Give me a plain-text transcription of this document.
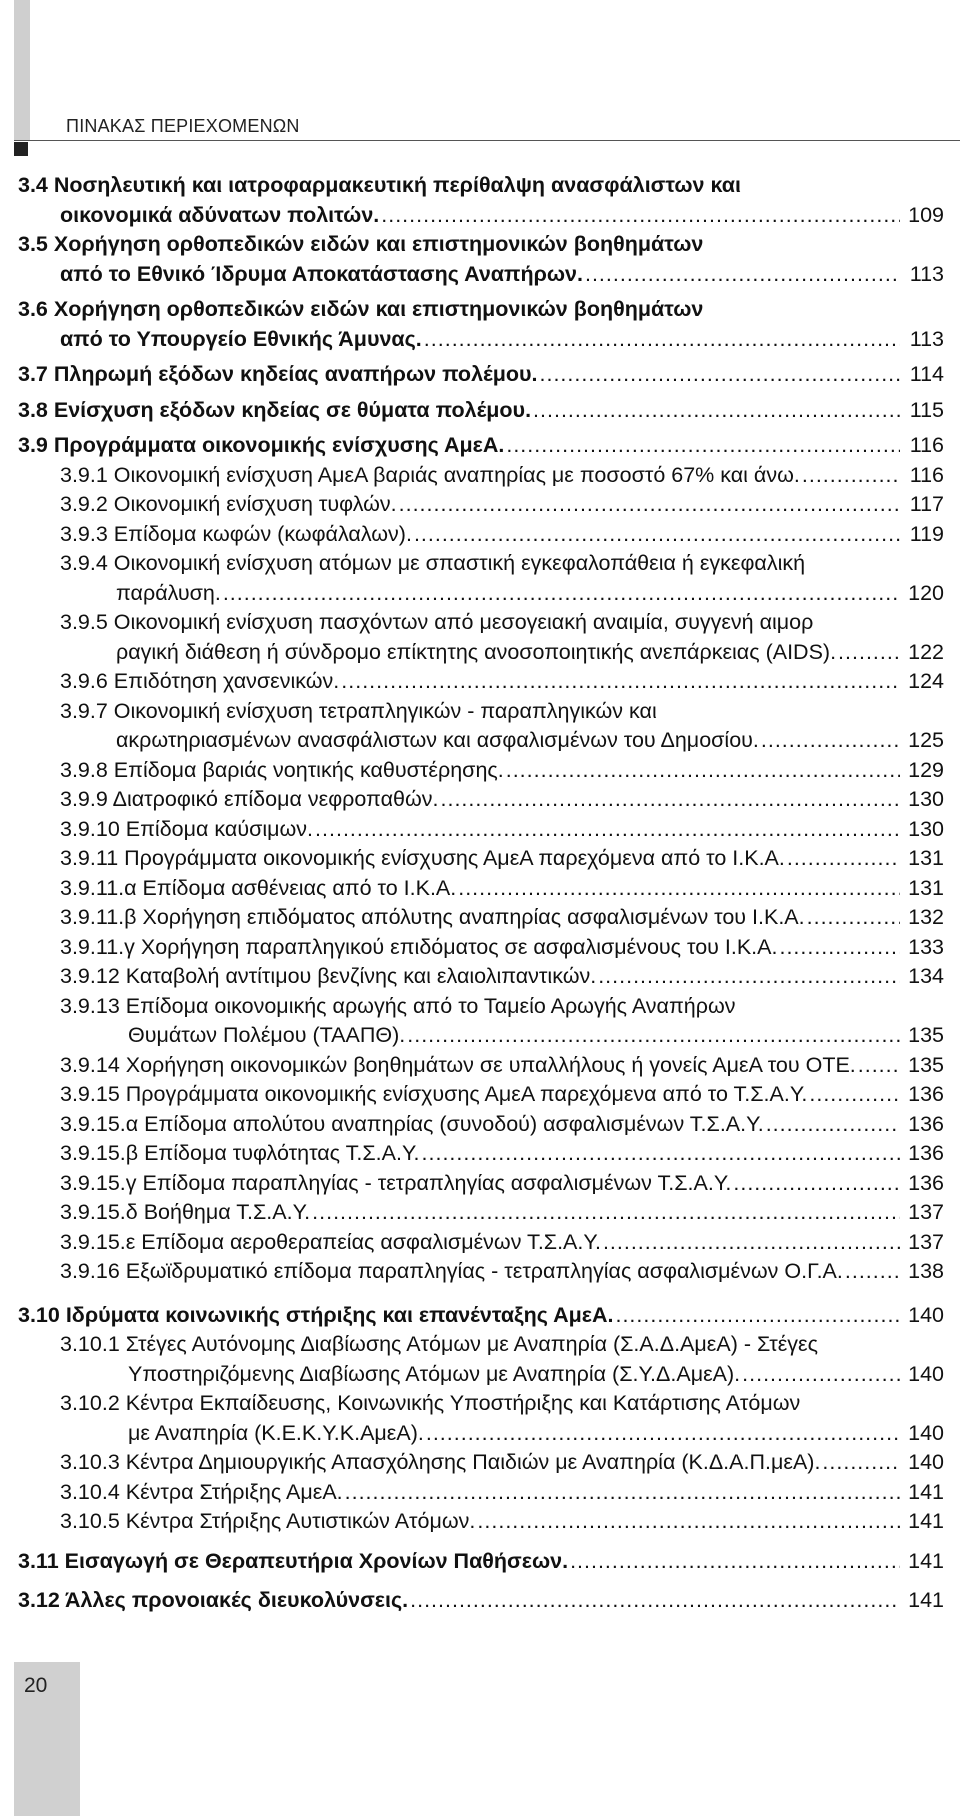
ΠΙΝΑΚΑΣ ΠΕΡΙΕΧΟΜΕΝΩΝ
3.4 Νοσηλευτική και ιατροφαρμακευτική περίθαλψη ανασφάλιστων και
οικονομικά αδύνατων πολιτών. .....	109
3.5 Χορήγηση ορθοπεδικών ειδών και επιστημονικών βοηθημάτων
από το Εθνικό Ίδρυμα Αποκατάστασης Αναπήρων. .....	113
3.6 Χορήγηση ορθοπεδικών ειδών και επιστημονικών βοηθημάτων
από το Υπουργείο Εθνικής Άμυνας. .....	113
3.7 Πληρωμή εξόδων κηδείας αναπήρων πολέμου. .....	114
3.8 Ενίσχυση εξόδων κηδείας σε θύματα πολέμου. .....	115
3.9 Προγράμματα οικονομικής ενίσχυσης ΑμεΑ. .....	116
3.9.1 Οικονομική ενίσχυση ΑμεΑ βαριάς αναπηρίας με ποσοστό 67% και άνω. .....	116
3.9.2 Οικονομική ενίσχυση τυφλών. .....	117
3.9.3 Επίδομα κωφών (κωφάλαλων). .....	119
3.9.4 Οικονομική ενίσχυση ατόμων με σπαστική εγκεφαλοπάθεια ή εγκεφαλική
παράλυση. .....	120
3.9.5 Οικονομική ενίσχυση πασχόντων από μεσογειακή αναιμία, συγγενή αιμορ
ραγική διάθεση ή σύνδρομο επίκτητης ανοσοποιητικής ανεπάρκειας (AIDS). .....	122
3.9.6 Επιδότηση χανσενικών. .....	124
3.9.7 Οικονομική ενίσχυση τετραπληγικών - παραπληγικών και
ακρωτηριασμένων ανασφάλιστων και ασφαλισμένων του Δημοσίου. .....	125
3.9.8 Επίδομα βαριάς νοητικής καθυστέρησης. .....	129
3.9.9 Διατροφικό επίδομα νεφροπαθών. .....	130
3.9.10 Επίδομα καύσιμων. .....	130
3.9.11 Προγράμματα οικονομικής ενίσχυσης ΑμεΑ παρεχόμενα από το Ι.Κ.Α. .....	131
3.9.11.α Επίδομα ασθένειας από το Ι.Κ.Α. .....	131
3.9.11.β Χορήγηση επιδόματος απόλυτης αναπηρίας ασφαλισμένων του Ι.Κ.Α. .....	132
3.9.11.γ Χορήγηση παραπληγικού επιδόματος σε ασφαλισμένους του Ι.Κ.Α. .....	133
3.9.12 Καταβολή αντίτιμου βενζίνης και ελαιολιπαντικών. .....	134
3.9.13 Επίδομα οικονομικής αρωγής από το Ταμείο Αρωγής Αναπήρων
Θυμάτων Πολέμου (ΤΑΑΠΘ). .....	135
3.9.14 Χορήγηση οικονομικών βοηθημάτων σε υπαλλήλους ή γονείς ΑμεΑ του ΟΤΕ. ..... 135
3.9.15 Προγράμματα οικονομικής ενίσχυσης ΑμεΑ παρεχόμενα από το Τ.Σ.Α.Υ. .....	136
3.9.15.α Επίδομα απολύτου αναπηρίας (συνοδού) ασφαλισμένων Τ.Σ.Α.Υ. .....	136
3.9.15.β Επίδομα τυφλότητας Τ.Σ.Α.Υ. .....	136
3.9.15.γ Επίδομα παραπληγίας - τετραπληγίας ασφαλισμένων Τ.Σ.Α.Υ. .....	136
3.9.15.δ Βοήθημα Τ.Σ.Α.Υ. .....	137
3.9.15.ε Επίδομα αεροθεραπείας ασφαλισμένων Τ.Σ.Α.Υ. .....	137
3.9.16 Εξωϊδρυματικό επίδομα παραπληγίας - τετραπληγίας ασφαλισμένων Ο.Γ.Α. .....	138
3.10 Ιδρύματα κοινωνικής στήριξης και επανένταξης ΑμεΑ. .....	140
3.10.1 Στέγες Αυτόνομης Διαβίωσης Ατόμων με Αναπηρία (Σ.Α.Δ.ΑμεΑ) - Στέγες
Υποστηριζόμενης Διαβίωσης Ατόμων με Αναπηρία (Σ.Υ.Δ.ΑμεΑ). .....	140
3.10.2 Κέντρα Εκπαίδευσης, Κοινωνικής Υποστήριξης και Κατάρτισης Ατόμων
με Αναπηρία (Κ.Ε.Κ.Υ.Κ.ΑμεΑ). .....	140
3.10.3 Κέντρα Δημιουργικής Απασχόλησης Παιδιών με Αναπηρία (Κ.Δ.Α.Π.μεΑ). .....	140
3.10.4 Κέντρα Στήριξης ΑμεΑ. .....	141
3.10.5 Κέντρα Στήριξης Αυτιστικών Ατόμων. .....	141
3.11 Εισαγωγή σε Θεραπευτήρια Χρονίων Παθήσεων. .....	141
3.12 Άλλες προνοιακές διευκολύνσεις. .....	141
20
